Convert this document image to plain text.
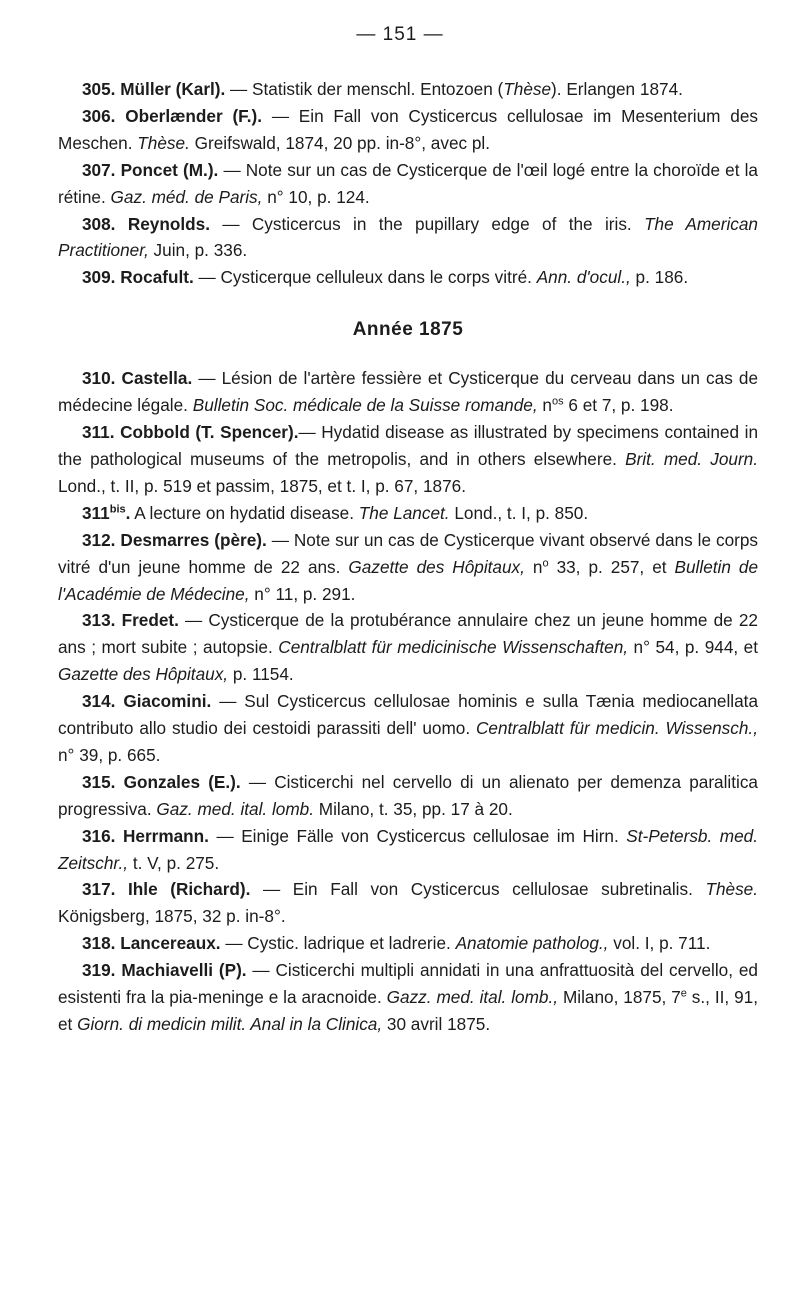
— 151 —

305. Müller (Karl). — Statistik der menschl. Entozoen (Thèse). Erlangen 1874.

306. Oberlænder (F.). — Ein Fall von Cysticercus cellulosae im Mesenterium des Meschen. Thèse. Greifswald, 1874, 20 pp. in-8°, avec pl.

307. Poncet (M.). — Note sur un cas de Cysticerque de l'œil logé entre la choroïde et la rétine. Gaz. méd. de Paris, n° 10, p. 124.

308. Reynolds. — Cysticercus in the pupillary edge of the iris. The American Practitioner, Juin, p. 336.

309. Rocafult. — Cysticerque celluleux dans le corps vitré. Ann. d'ocul., p. 186.

Année 1875

310. Castella. — Lésion de l'artère fessière et Cysticerque du cerveau dans un cas de médecine légale. Bulletin Soc. médicale de la Suisse romande, $n^{os}$ 6 et 7, p. 198.

311. Cobbold (T. Spencer).— Hydatid disease as illustrated by specimens contained in the pathological museums of the metropolis, and in others elsewhere. Brit. med. Journ. Lond., t. II, p. 519 et passim, 1875, et t. I, p. 67, 1876.

$311^{bis}$. A lecture on hydatid disease. The Lancet. Lond., t. I, p. 850.

312. Desmarres (père). — Note sur un cas de Cysticerque vivant observé dans le corps vitré d'un jeune homme de 22 ans. Gazette des Hôpitaux, $n^o$ 33, p. 257, et Bulletin de l'Académie de Médecine, n° 11, p. 291.

313. Fredet. — Cysticerque de la protubérance annulaire chez un jeune homme de 22 ans ; mort subite ; autopsie. Centralblatt für medicinische Wissenschaften, n° 54, p. 944, et Gazette des Hôpitaux, p. 1154.

314. Giacomini. — Sul Cysticercus cellulosae hominis e sulla Tænia mediocanellata contributo allo studio dei cestoidi parassiti dell' uomo. Centralblatt für medicin. Wissensch., n° 39, p. 665.

315. Gonzales (E.). — Cisticerchi nel cervello di un alienato per demenza paralitica progressiva. Gaz. med. ital. lomb. Milano, t. 35, pp. 17 à 20.

316. Herrmann. — Einige Fälle von Cysticercus cellulosae im Hirn. St-Petersb. med. Zeitschr., t. V, p. 275.

317. Ihle (Richard). — Ein Fall von Cysticercus cellulosae subretinalis. Thèse. Königsberg, 1875, 32 p. in-8°.

318. Lancereaux. — Cystic. ladrique et ladrerie. Anatomie patholog., vol. I, p. 711.

319. Machiavelli (P). — Cisticerchi multipli annidati in una anfrattuosità del cervello, ed esistenti fra la pia-meninge e la aracnoide. Gazz. med. ital. lomb., Milano, 1875, 7e s., II, 91, et Giorn. di medicin milit. Anal in la Clinica, 30 avril 1875.
